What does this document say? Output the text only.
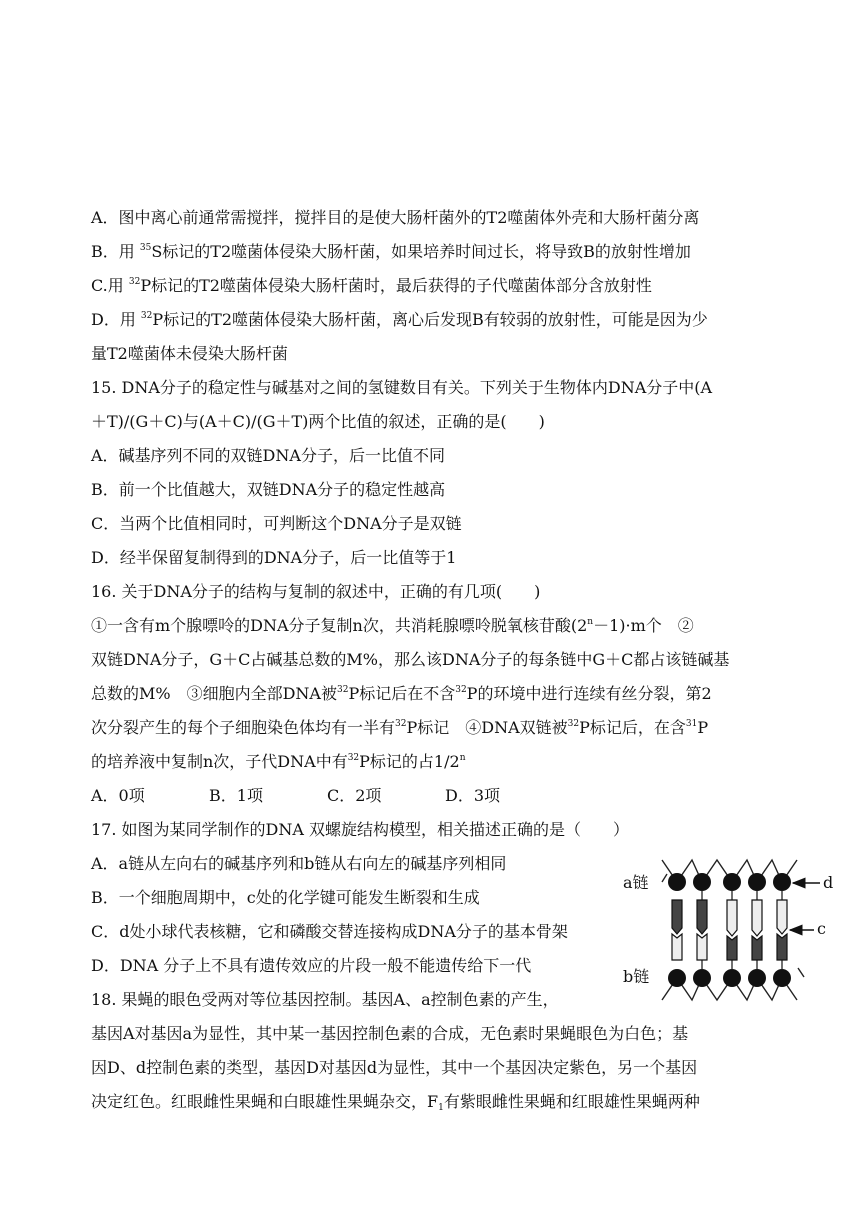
A．图中离心前通常需搅拌，搅拌目的是使大肠杆菌外的T2噬菌体外壳和大肠杆菌分离
B．用 $^{35}$S标记的T2噬菌体侵染大肠杆菌，如果培养时间过长，将导致B的放射性增加
C.用 $^{32}$P标记的T2噬菌体侵染大肠杆菌时，最后获得的子代噬菌体部分含放射性
D．用 $^{32}$P标记的T2噬菌体侵染大肠杆菌，离心后发现B有较弱的放射性，可能是因为少
量T2噬菌体未侵染大肠杆菌
15. DNA分子的稳定性与碱基对之间的氢键数目有关。下列关于生物体内DNA分子中(A
＋T)/(G＋C)与(A＋C)/(G＋T)两个比值的叙述，正确的是(　　)
A．碱基序列不同的双链DNA分子，后一比值不同
B．前一个比值越大，双链DNA分子的稳定性越高
C．当两个比值相同时，可判断这个DNA分子是双链
D．经半保留复制得到的DNA分子，后一比值等于1
16. 关于DNA分子的结构与复制的叙述中，正确的有几项(　　)
①一含有m个腺嘌呤的DNA分子复制n次，共消耗腺嘌呤脱氧核苷酸$(2^n-1)\cdot m$个　②
双链DNA分子，G＋C占碱基总数的M%，那么该DNA分子的每条链中G＋C都占该链碱基
总数的M%　③细胞内全部DNA被$^{32}$P标记后在不含$^{32}$P的环境中进行连续有丝分裂，第2
次分裂产生的每个子细胞染色体均有一半有$^{32}$P标记　④DNA双链被$^{32}$P标记后，在含$^{31}$P
的培养液中复制n次，子代DNA中有$^{32}$P标记的占1/2$^n$
A．0项	B．1项	C．2项	D．3项
17. 如图为某同学制作的DNA 双螺旋结构模型，相关描述正确的是（　　）
A．a链从左向右的碱基序列和b链从右向左的碱基序列相同
B．一个细胞周期中，c处的化学键可能发生断裂和生成
C．d处小球代表核糖，它和磷酸交替连接构成DNA分子的基本骨架
D．DNA 分子上不具有遗传效应的片段一般不能遗传给下一代
a链
b链
d
c
18. 果蝇的眼色受两对等位基因控制。基因A、a控制色素的产生，
基因A对基因a为显性，其中某一基因控制色素的合成，无色素时果蝇眼色为白色；基
因D、d控制色素的类型，基因D对基因d为显性，其中一个基因决定紫色，另一个基因
决定红色。红眼雌性果蝇和白眼雄性果蝇杂交，$F_1$有紫眼雌性果蝇和红眼雄性果蝇两种
